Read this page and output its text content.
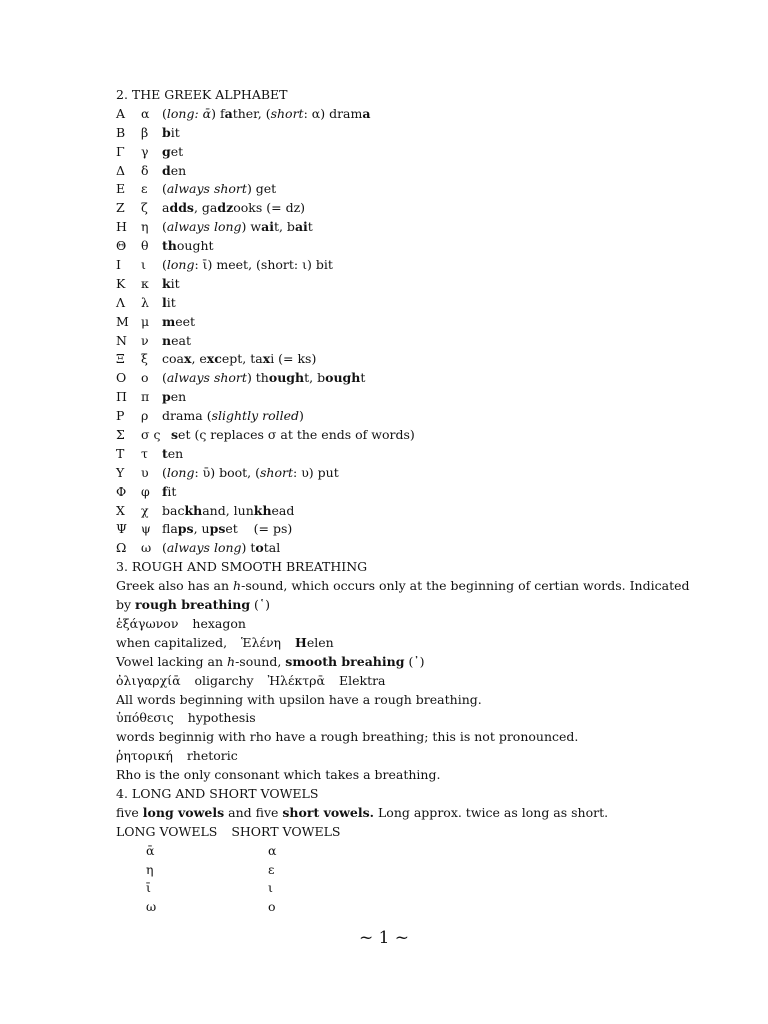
2. THE GREEK ALPHABET
Α α (long: ᾱ) father, (short: α) drama
Β β bit
Γ γ get
Δ δ den
Ε ε (always short) get
Ζ ζ adds, gadzooks (= dz)
Η η (always long) wait, bait
Θ θ thought
Ι ι (long: ῑ) meet, (short: ι) bit
Κ κ kit
Λ λ lit
Μ μ meet
Ν ν neat
Ξ ξ coax, except, taxi (= ks)
Ο ο (always short) thought, bought
Π π pen
Ρ ρ drama (slightly rolled)
Σ σ ς set (ς replaces σ at the ends of words)
Τ τ ten
Υ υ (long: ῡ) boot, (short: υ) put
Φ φ fit
Χ χ backhand, lunkhead
Ψ ψ flaps, upset    (= ps)
Ω ω (always long) total
3. ROUGH AND SMOOTH BREATHING
Greek also has an h-sound, which occurs only at the beginning of certian words. Indicated
by rough breathing (῾)
ἑξάγωνον hexagon
when capitalized, Ἑλένη Helen
Vowel lacking an h-sound, smooth breahing (᾿)
ὀλιγαρχίᾱ oligarchy Ἠλέκτρᾱ Elektra
All words beginning with upsilon have a rough breathing.
ὑπόθεσις hypothesis
words beginnig with rho have a rough breathing; this is not pronounced.
ῥητορική rhetoric
Rho is the only consonant which takes a breathing.
4. LONG AND SHORT VOWELS
five long vowels and five short vowels. Long approx. twice as long as short.
LONG VOWELS SHORT VOWELS
ᾱ	α
η	ε
ῑ	ι
ω	ο
~ 1 ~
